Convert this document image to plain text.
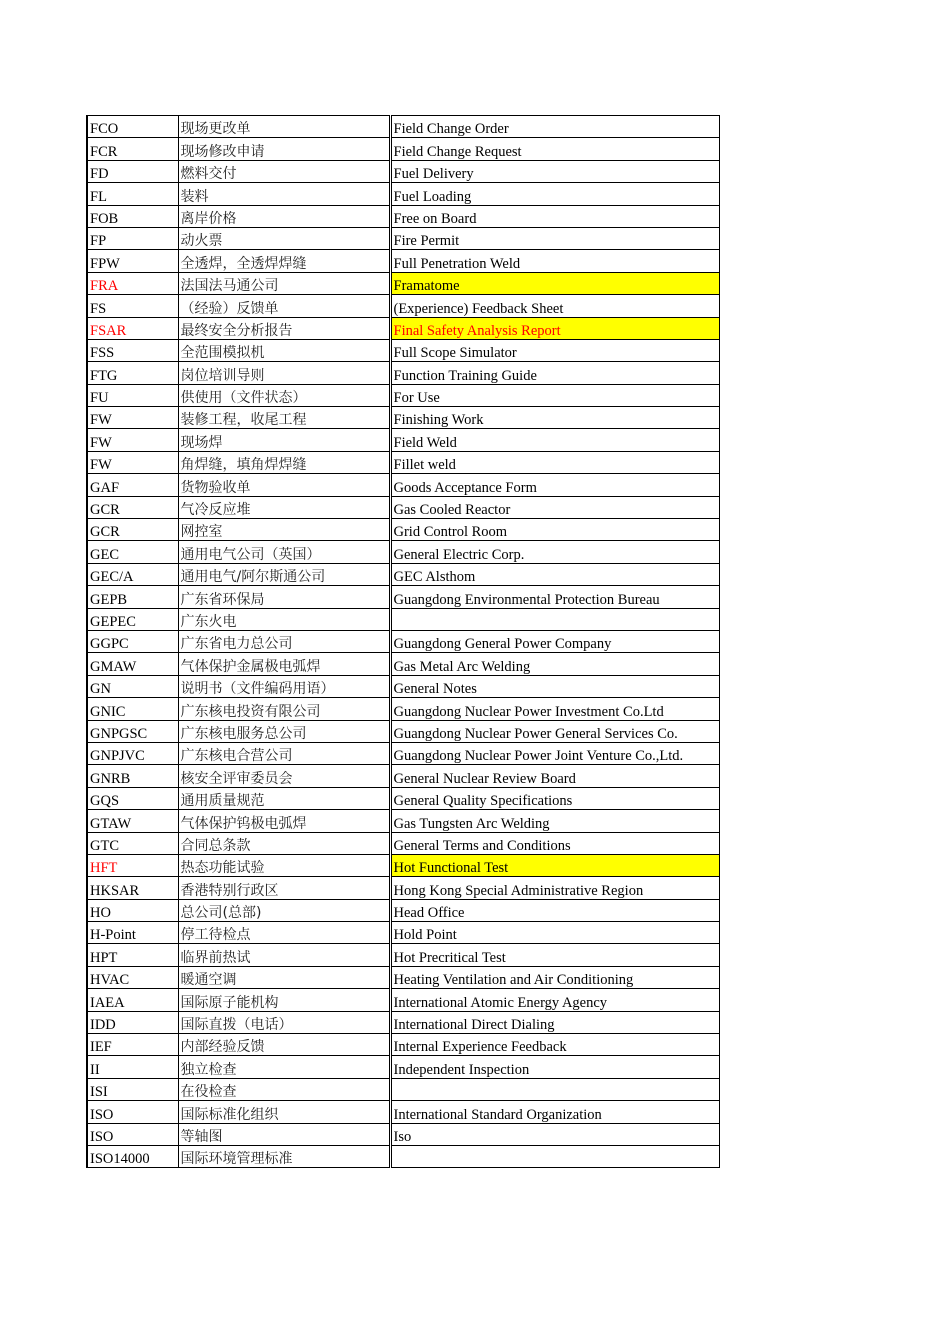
FCO	现场更改单	Field Change Order
FCR	现场修改申请	Field Change Request
FD	燃料交付	Fuel Delivery
FL	装料	Fuel Loading
FOB	离岸价格	Free on Board
FP	动火票	Fire Permit
FPW	全透焊，全透焊焊缝	Full Penetration Weld
FRA	法国法马通公司	Framatome
FS	（经验）反馈单	(Experience) Feedback Sheet
FSAR	最终安全分析报告	Final Safety Analysis Report
FSS	全范围模拟机	Full Scope Simulator
FTG	岗位培训导则	Function Training Guide
FU	供使用（文件状态）	For Use
FW	装修工程，收尾工程	Finishing Work
FW	现场焊	Field Weld
FW	角焊缝，填角焊焊缝	Fillet weld
GAF	货物验收单	Goods Acceptance Form
GCR	气冷反应堆	Gas Cooled Reactor
GCR	网控室	Grid Control Room
GEC	通用电气公司（英国）	General Electric Corp.
GEC/A	通用电气/阿尔斯通公司	GEC Alsthom
GEPB	广东省环保局	Guangdong Environmental Protection Bureau
GEPEC	广东火电	
GGPC	广东省电力总公司	Guangdong General Power Company
GMAW	气体保护金属极电弧焊	Gas Metal Arc Welding
GN	说明书（文件编码用语）	General Notes
GNIC	广东核电投资有限公司	Guangdong Nuclear Power Investment Co.Ltd
GNPGSC	广东核电服务总公司	Guangdong Nuclear Power General Services Co.
GNPJVC	广东核电合营公司	Guangdong Nuclear Power Joint Venture Co.,Ltd.
GNRB	核安全评审委员会	General Nuclear Review Board
GQS	通用质量规范	General Quality Specifications
GTAW	气体保护钨极电弧焊	Gas Tungsten Arc Welding
GTC	合同总条款	General Terms and Conditions
HFT	热态功能试验	Hot Functional Test
HKSAR	香港特别行政区	Hong Kong Special Administrative Region
HO	总公司(总部)	Head Office
H-Point	停工待检点	Hold Point
HPT	临界前热试	Hot Precritical Test
HVAC	暖通空调	Heating Ventilation and Air Conditioning
IAEA	国际原子能机构	International Atomic Energy Agency
IDD	国际直拨（电话）	International Direct Dialing
IEF	内部经验反馈	Internal Experience Feedback
II	独立检查	Independent Inspection
ISI	在役检查	
ISO	国际标准化组织	International Standard Organization
ISO	等轴图	Iso
ISO14000	国际环境管理标准	
